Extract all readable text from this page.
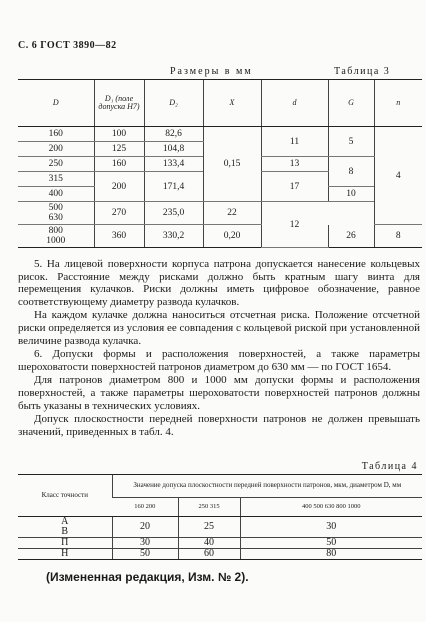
С. 6 ГОСТ 3890—82
Размеры в мм	Таблица 3
D	D₁ (поле допуска H7)	D₂	X	d	G	n
160	100	82,6	0,15	11	5	4
200	125	104,8				
250	160	133,4		13	8	
315	200	171,4		17		
400					10	
500
630	270	235,0	22	12		
800
1000	360	330,2	0,20		26	8

5. На лицевой поверхности корпуса патрона допускается нанесение кольцевых рисок. Расстояние между рисками должно быть кратным шагу винта для перемещения кулачков. Риски должны иметь цифровое обозначение, равное соответствующему диаметру развода кулачков.

На каждом кулачке должна наноситься отсчетная риска. Положение отсчетной риски определяется из условия ее совпадения с кольцевой риской при установленной величине развода кулачка.

6. Допуски формы и расположения поверхностей, а также параметры шероховатости поверхностей патронов диаметром до 630 мм — по ГОСТ 1654.

Для патронов диаметром 800 и 1000 мм допуски формы и расположения поверхностей, а также параметры шероховатости поверхностей патронов должны быть указаны в технических условиях.

Допуск плоскостности передней поверхности патронов не должен превышать значений, приведенных в табл. 4.

Таблица 4
Класс точности	Значение допуска плоскостности передней поверхности патронов, мкм, диаметром D, мм		
	160 200	250 315	400 500 630 800 1000
А	20	25	30
В			
П	30	40	50
Н	50	60	80
(Измененная редакция, Изм. № 2).
